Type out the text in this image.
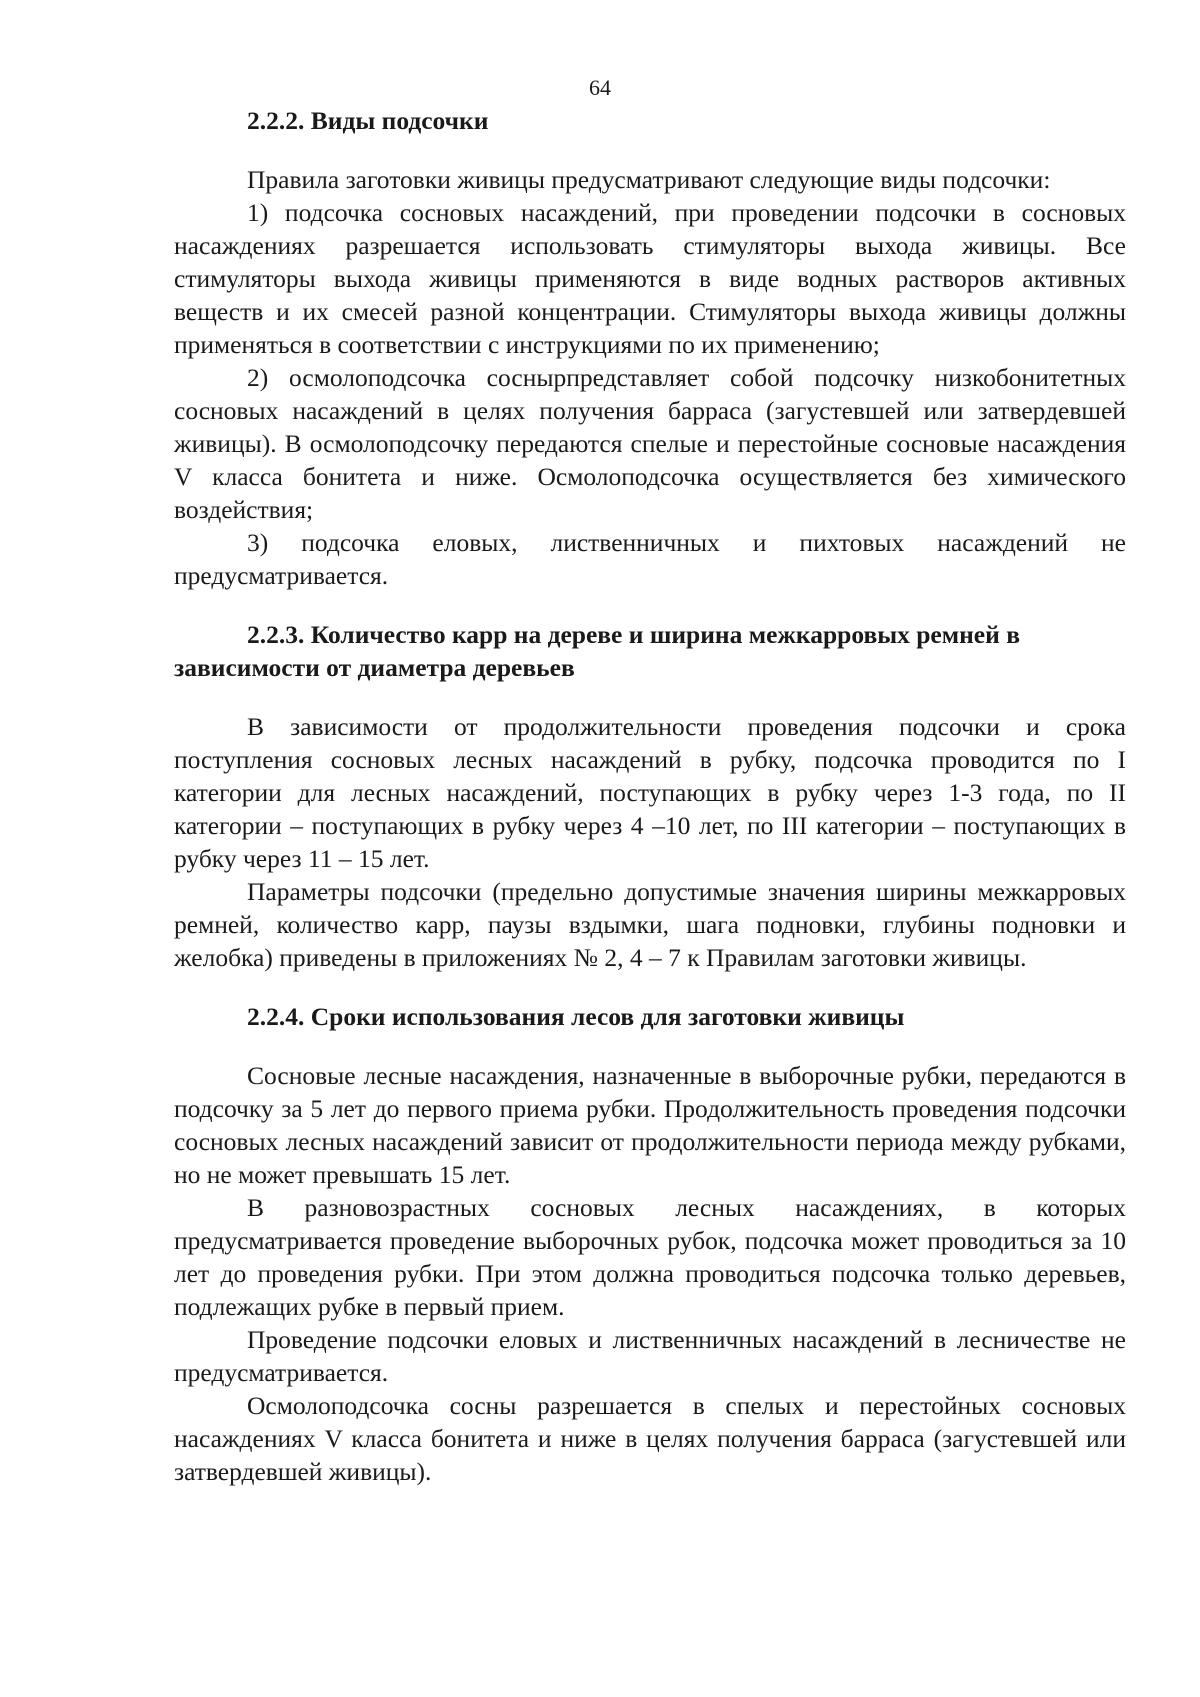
64

2.2.2. Виды подсочки

Правила заготовки живицы предусматривают следующие виды подсочки:

1) подсочка сосновых насаждений, при проведении подсочки в сосновых насаждениях разрешается использовать стимуляторы выхода живицы. Все стимуляторы выхода живицы применяются в виде водных растворов активных веществ и их смесей разной концентрации. Стимуляторы выхода живицы должны применяться в соответствии с инструкциями по их применению;

2) осмолоподсочка соснырпредставляет собой подсочку низкобонитетных сосновых насаждений в целях получения барраса (загустевшей или затвердевшей живицы). В осмолоподсочку передаются спелые и перестойные сосновые насаждения V класса бонитета и ниже. Осмолоподсочка осуществляется без химического воздействия;

3) подсочка еловых, лиственничных и пихтовых насаждений не предусматривается.

2.2.3. Количество карр на дереве и ширина межкарровых ремней в зависимости от диаметра деревьев

В зависимости от продолжительности проведения подсочки и срока поступления сосновых лесных насаждений в рубку, подсочка проводится по I категории для лесных насаждений, поступающих в рубку через 1-3 года, по II категории – поступающих в рубку через 4 –10 лет, по III категории – поступающих в рубку через 11 – 15 лет.

Параметры подсочки (предельно допустимые значения ширины межкарровых ремней, количество карр, паузы вздымки, шага подновки, глубины подновки и желобка) приведены в приложениях № 2, 4 – 7 к Правилам заготовки живицы.

2.2.4. Сроки использования лесов для заготовки живицы

Сосновые лесные насаждения, назначенные в выборочные рубки, передаются в подсочку за 5 лет до первого приема рубки. Продолжительность проведения подсочки сосновых лесных насаждений зависит от продолжительности периода между рубками, но не может превышать 15 лет.

В разновозрастных сосновых лесных насаждениях, в которых предусматривается проведение выборочных рубок, подсочка может проводиться за 10 лет до проведения рубки. При этом должна проводиться подсочка только деревьев, подлежащих рубке в первый прием.

Проведение подсочки еловых и лиственничных насаждений в лесничестве не предусматривается.

Осмолоподсочка сосны разрешается в спелых и перестойных сосновых насаждениях V класса бонитета и ниже в целях получения барраса (загустевшей или затвердевшей живицы).
